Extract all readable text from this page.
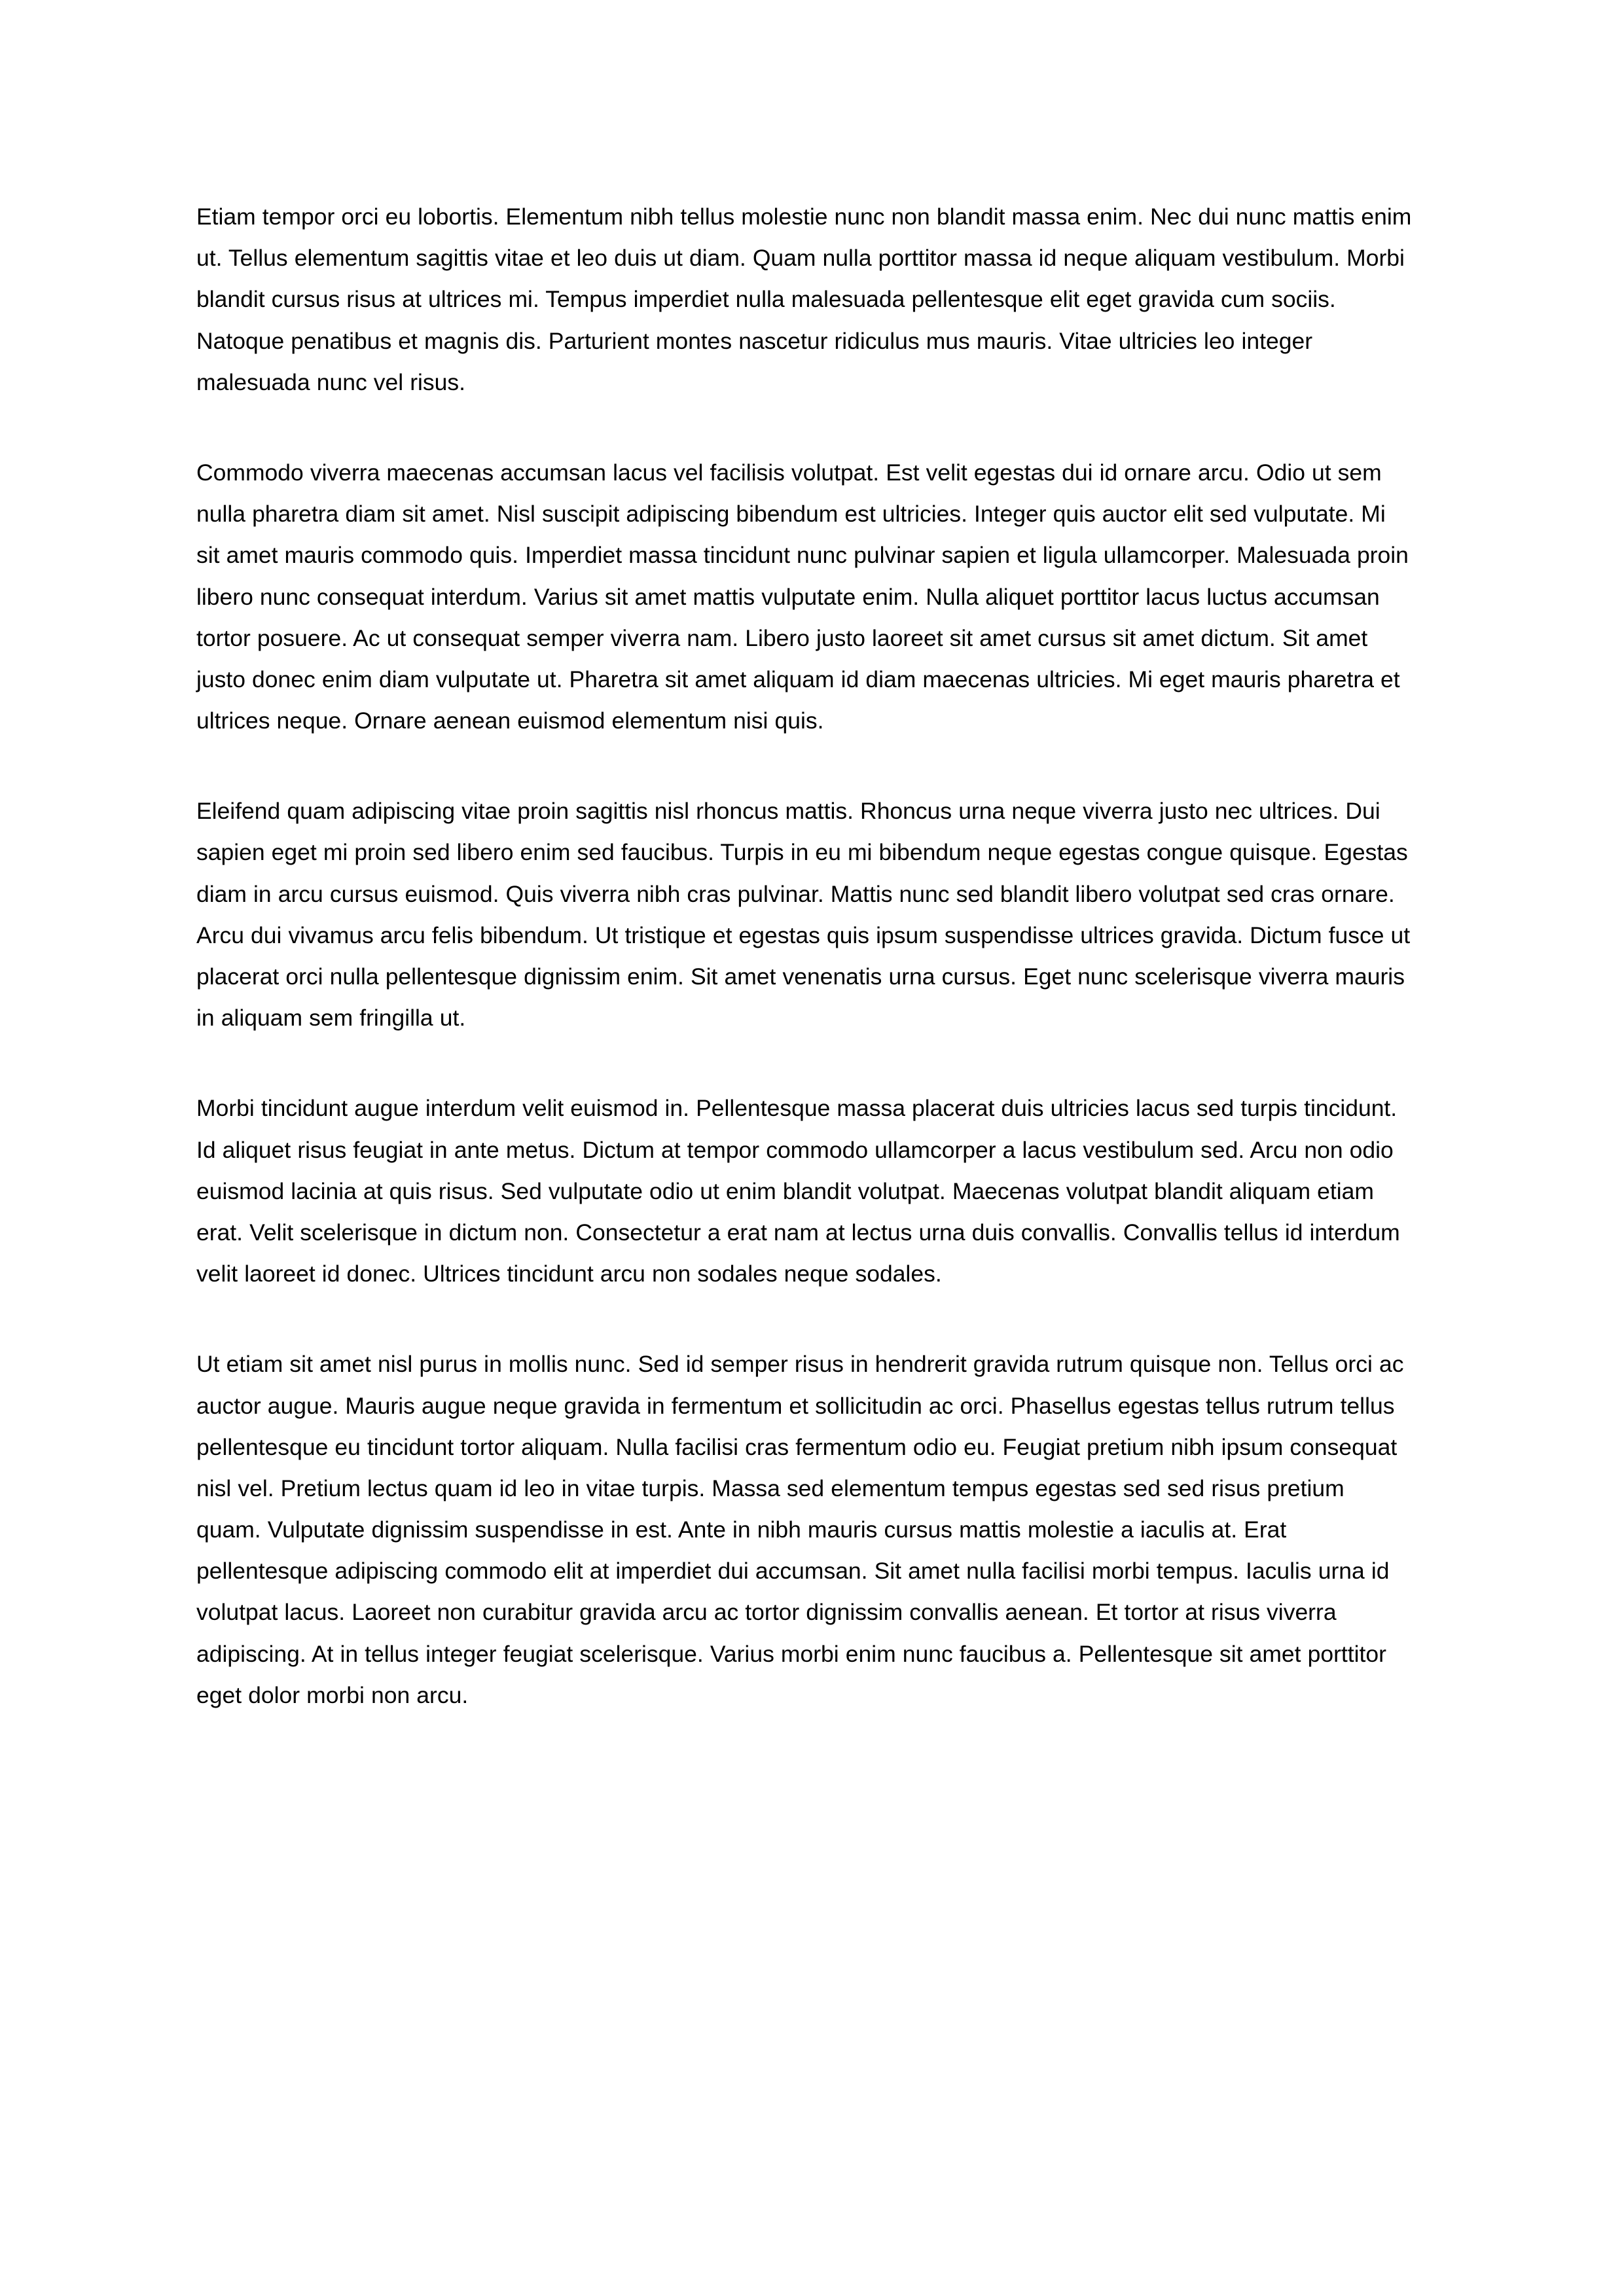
Etiam tempor orci eu lobortis. Elementum nibh tellus molestie nunc non blandit massa enim. Nec dui nunc mattis enim ut. Tellus elementum sagittis vitae et leo duis ut diam. Quam nulla porttitor massa id neque aliquam vestibulum. Morbi blandit cursus risus at ultrices mi. Tempus imperdiet nulla malesuada pellentesque elit eget gravida cum sociis. Natoque penatibus et magnis dis. Parturient montes nascetur ridiculus mus mauris. Vitae ultricies leo integer malesuada nunc vel risus.

Commodo viverra maecenas accumsan lacus vel facilisis volutpat. Est velit egestas dui id ornare arcu. Odio ut sem nulla pharetra diam sit amet. Nisl suscipit adipiscing bibendum est ultricies. Integer quis auctor elit sed vulputate. Mi sit amet mauris commodo quis. Imperdiet massa tincidunt nunc pulvinar sapien et ligula ullamcorper. Malesuada proin libero nunc consequat interdum. Varius sit amet mattis vulputate enim. Nulla aliquet porttitor lacus luctus accumsan tortor posuere. Ac ut consequat semper viverra nam. Libero justo laoreet sit amet cursus sit amet dictum. Sit amet justo donec enim diam vulputate ut. Pharetra sit amet aliquam id diam maecenas ultricies. Mi eget mauris pharetra et ultrices neque. Ornare aenean euismod elementum nisi quis.

Eleifend quam adipiscing vitae proin sagittis nisl rhoncus mattis. Rhoncus urna neque viverra justo nec ultrices. Dui sapien eget mi proin sed libero enim sed faucibus. Turpis in eu mi bibendum neque egestas congue quisque. Egestas diam in arcu cursus euismod. Quis viverra nibh cras pulvinar. Mattis nunc sed blandit libero volutpat sed cras ornare. Arcu dui vivamus arcu felis bibendum. Ut tristique et egestas quis ipsum suspendisse ultrices gravida. Dictum fusce ut placerat orci nulla pellentesque dignissim enim. Sit amet venenatis urna cursus. Eget nunc scelerisque viverra mauris in aliquam sem fringilla ut.

Morbi tincidunt augue interdum velit euismod in. Pellentesque massa placerat duis ultricies lacus sed turpis tincidunt. Id aliquet risus feugiat in ante metus. Dictum at tempor commodo ullamcorper a lacus vestibulum sed. Arcu non odio euismod lacinia at quis risus. Sed vulputate odio ut enim blandit volutpat. Maecenas volutpat blandit aliquam etiam erat. Velit scelerisque in dictum non. Consectetur a erat nam at lectus urna duis convallis. Convallis tellus id interdum velit laoreet id donec. Ultrices tincidunt arcu non sodales neque sodales.

Ut etiam sit amet nisl purus in mollis nunc. Sed id semper risus in hendrerit gravida rutrum quisque non. Tellus orci ac auctor augue. Mauris augue neque gravida in fermentum et sollicitudin ac orci. Phasellus egestas tellus rutrum tellus pellentesque eu tincidunt tortor aliquam. Nulla facilisi cras fermentum odio eu. Feugiat pretium nibh ipsum consequat nisl vel. Pretium lectus quam id leo in vitae turpis. Massa sed elementum tempus egestas sed sed risus pretium quam. Vulputate dignissim suspendisse in est. Ante in nibh mauris cursus mattis molestie a iaculis at. Erat pellentesque adipiscing commodo elit at imperdiet dui accumsan. Sit amet nulla facilisi morbi tempus. Iaculis urna id volutpat lacus. Laoreet non curabitur gravida arcu ac tortor dignissim convallis aenean. Et tortor at risus viverra adipiscing. At in tellus integer feugiat scelerisque. Varius morbi enim nunc faucibus a. Pellentesque sit amet porttitor eget dolor morbi non arcu.
